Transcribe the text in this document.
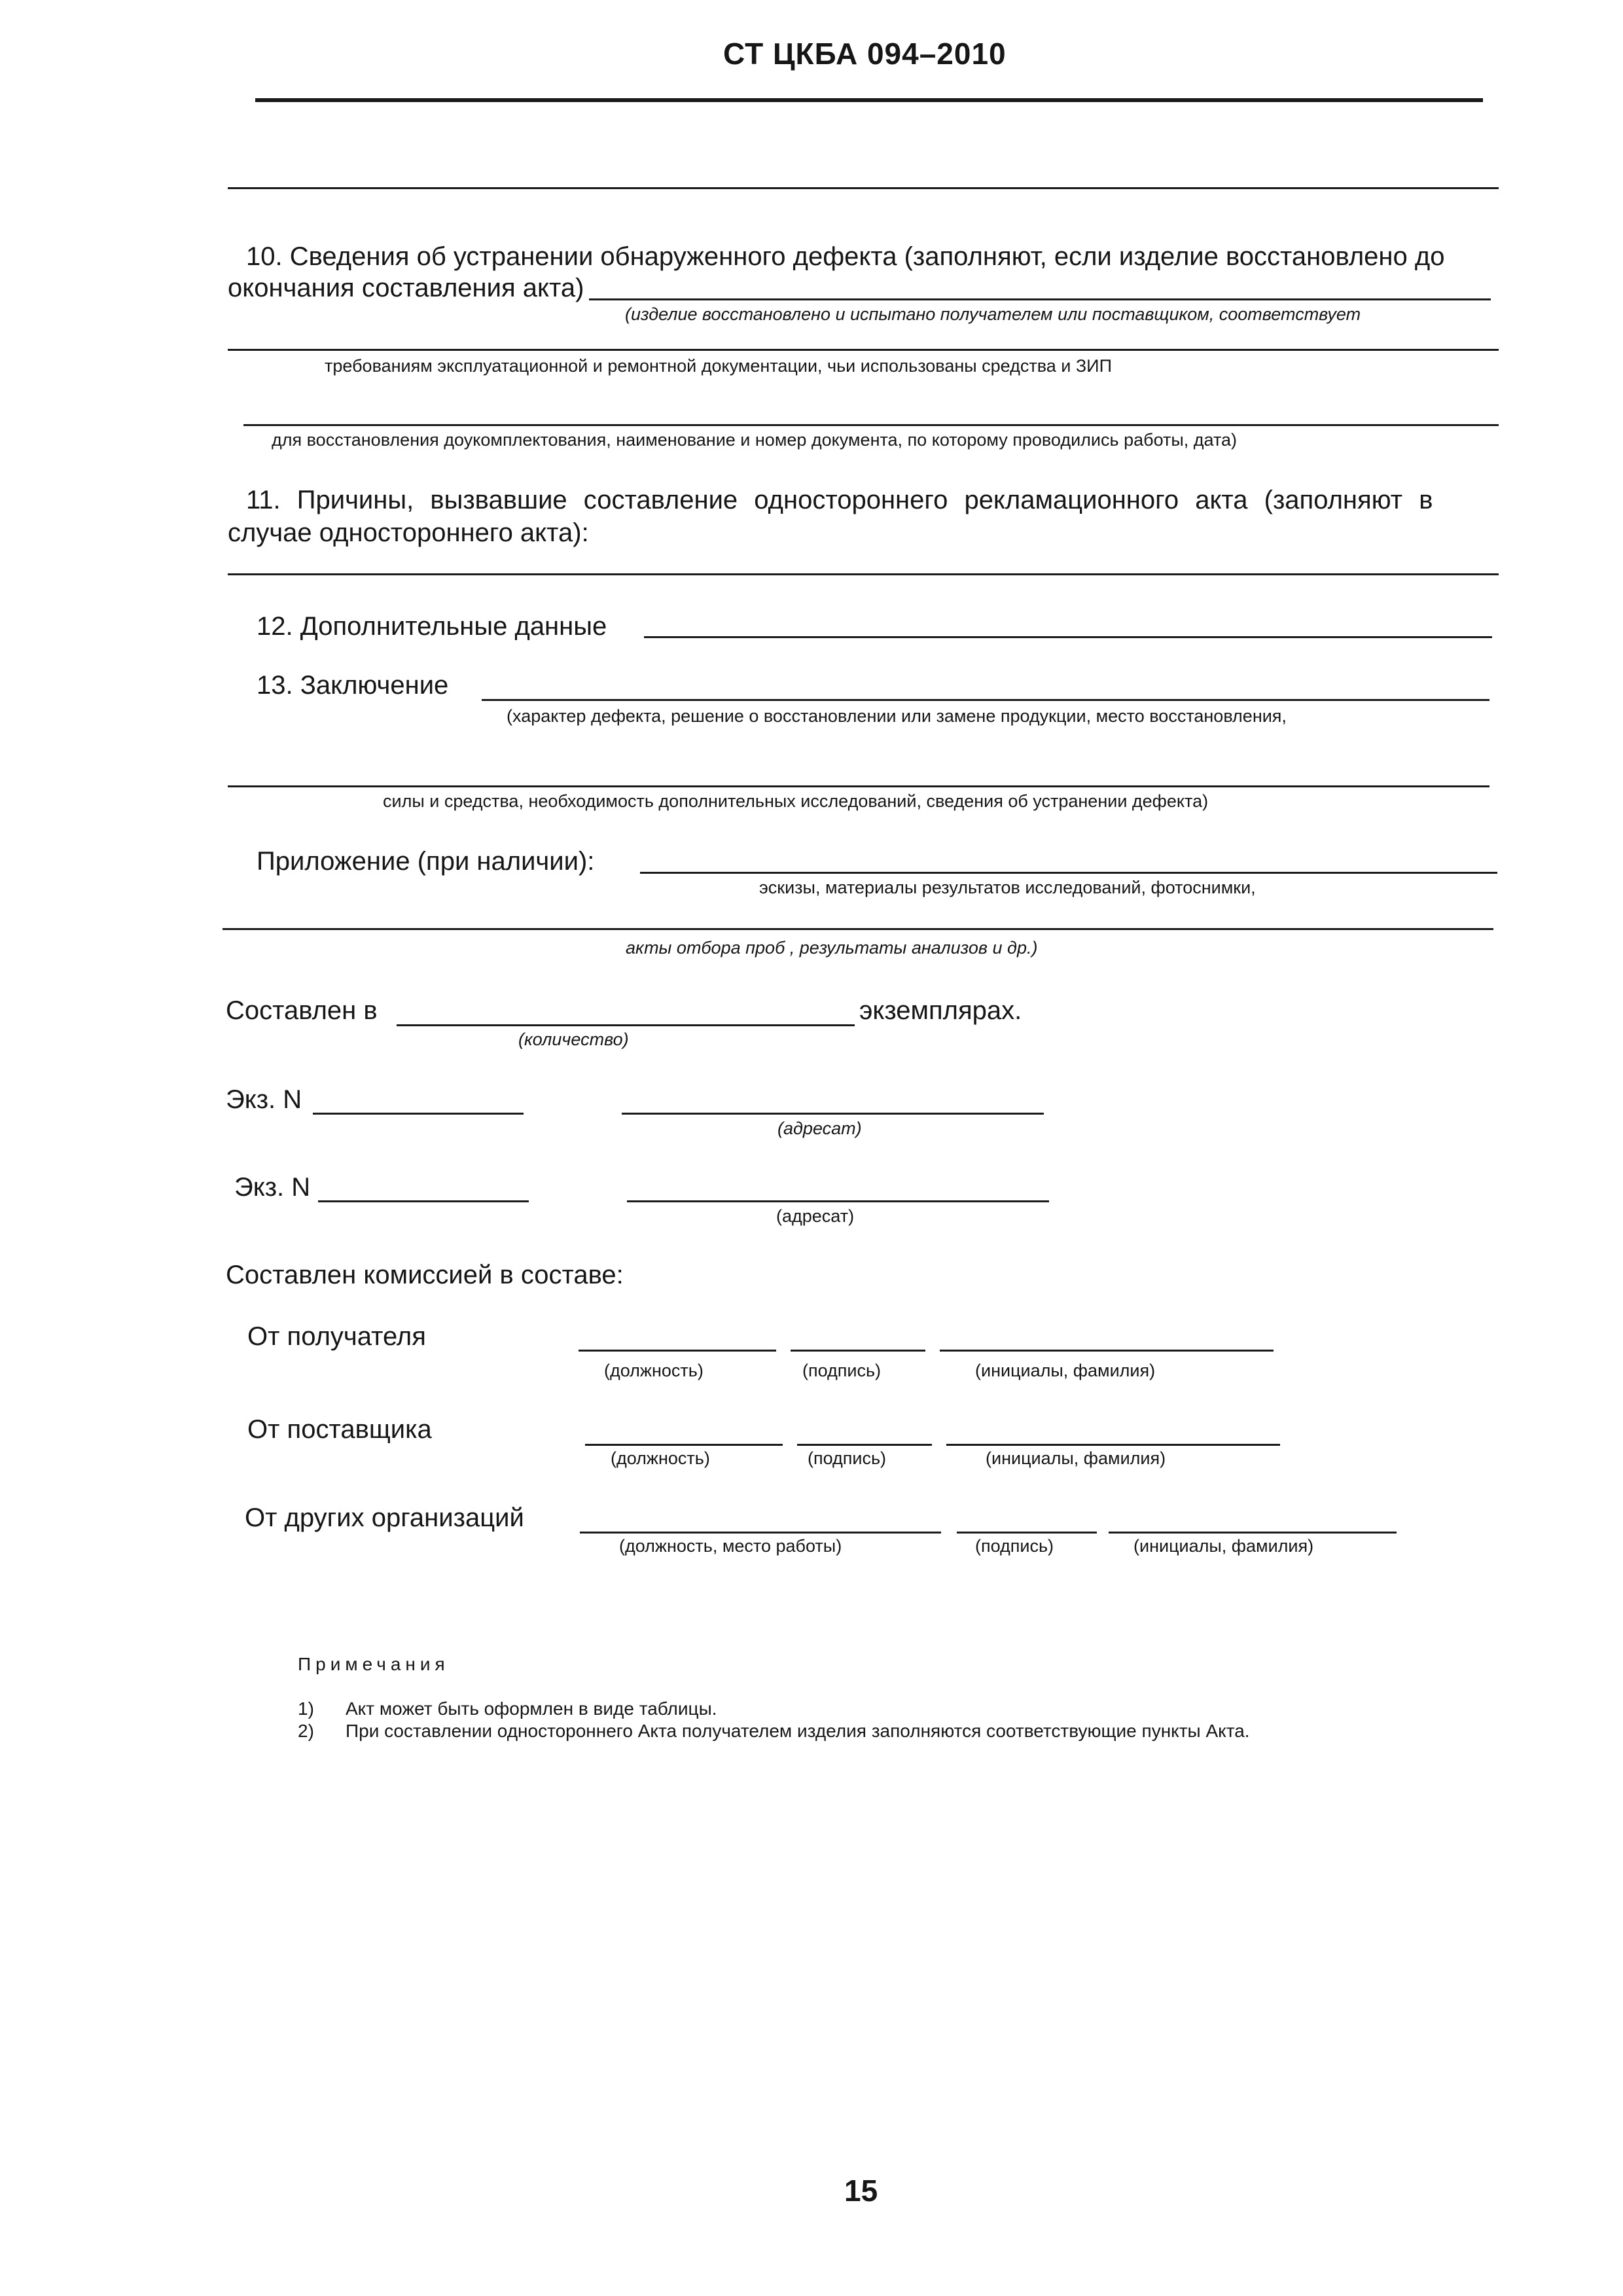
СТ ЦКБА 094–2010
10. Сведения об устранении обнаруженного дефекта (заполняют, если изделие восстановлено до
окончания составления акта)
(изделие восстановлено и испытано получателем или поставщиком, соответствует
требованиям эксплуатационной и ремонтной документации, чьи использованы средства и ЗИП
для восстановления доукомплектования, наименование и номер документа, по которому проводились работы, дата)
11. Причины, вызвавшие составление одностороннего рекламационного акта (заполняют в
случае одностороннего акта):
12. Дополнительные данные
13. Заключение
(характер дефекта, решение о восстановлении или замене продукции, место восстановления,
силы и средства, необходимость дополнительных исследований, сведения об устранении дефекта)
Приложение (при наличии):
эскизы, материалы результатов исследований, фотоснимки,
акты отбора проб , результаты анализов и др.)
Составлен в	экземплярах.
(количество)
Экз. N
(адресат)
Экз. N
(адресат)
Составлен комиссией в составе:
От получателя
(должность)	(подпись)	(инициалы, фамилия)
От поставщика
(должность)	(подпись)	(инициалы, фамилия)
От других организаций
(должность, место работы)	(подпись)	(инициалы, фамилия)
Примечания
1) Акт может быть оформлен в виде таблицы.
2) При составлении одностороннего Акта получателем изделия заполняются соответствующие пункты Акта.
15
